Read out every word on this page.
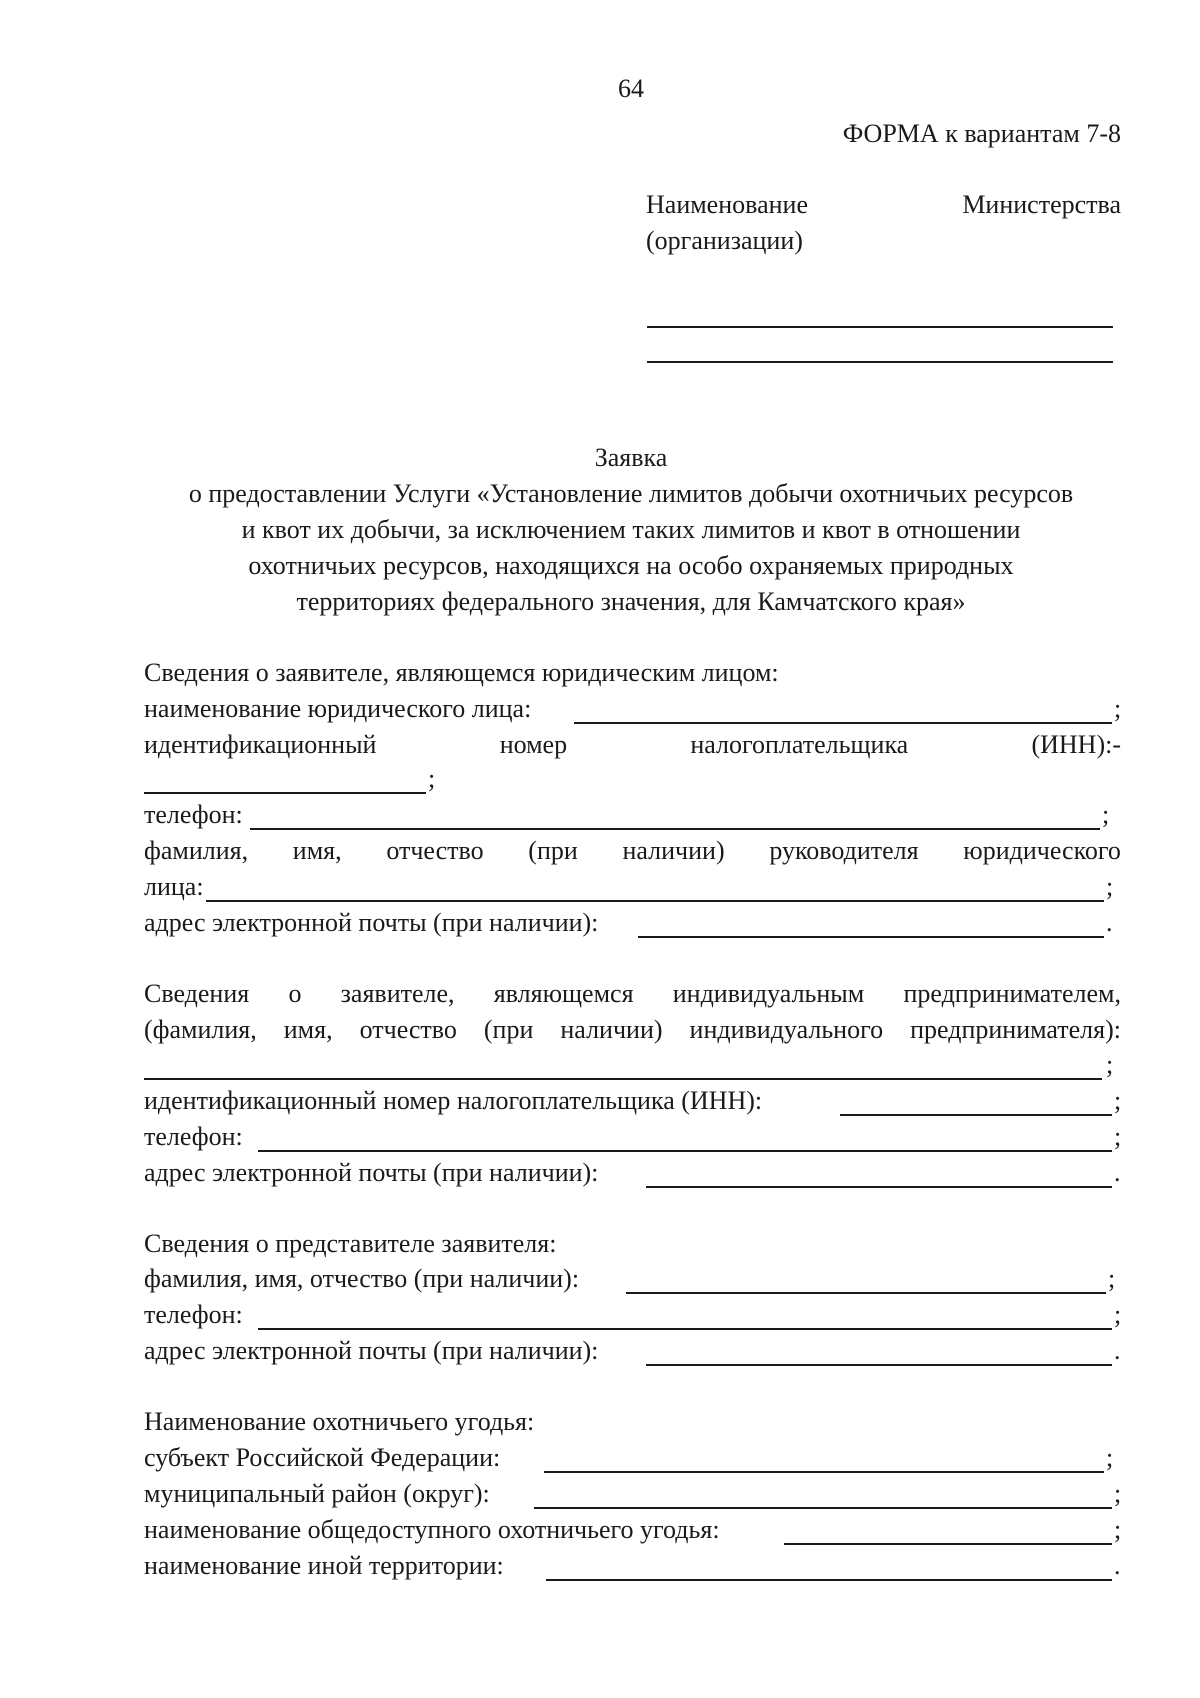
64
ФОРМА к вариантам 7-8
Наименование	Министерства
(организации)
Заявка
о предоставлении Услуги «Установление лимитов добычи охотничьих ресурсов
и квот их добычи, за исключением таких лимитов и квот в отношении
охотничьих ресурсов, находящихся на особо охраняемых природных
территориях федерального значения, для Камчатского края»
Сведения о заявителе, являющемся юридическим лицом:
наименование юридического лица:	;
идентификационный	номер	налогоплательщика	(ИНН):-
;
телефон:	;
фамилия, имя, отчество (при наличии) руководителя юридического
лица:	;
адрес электронной почты (при наличии):	.
Сведения о заявителе, являющемся индивидуальным предпринимателем,
(фамилия, имя, отчество (при наличии) индивидуального предпринимателя):
;
идентификационный номер налогоплательщика (ИНН):	;
телефон:	;
адрес электронной почты (при наличии):	.
Сведения о представителе заявителя:
фамилия, имя, отчество (при наличии):	;
телефон:	;
адрес электронной почты (при наличии):	.
Наименование охотничьего угодья:
субъект Российской Федерации:	;
муниципальный район (округ):	;
наименование общедоступного охотничьего угодья:	;
наименование иной территории:	.
